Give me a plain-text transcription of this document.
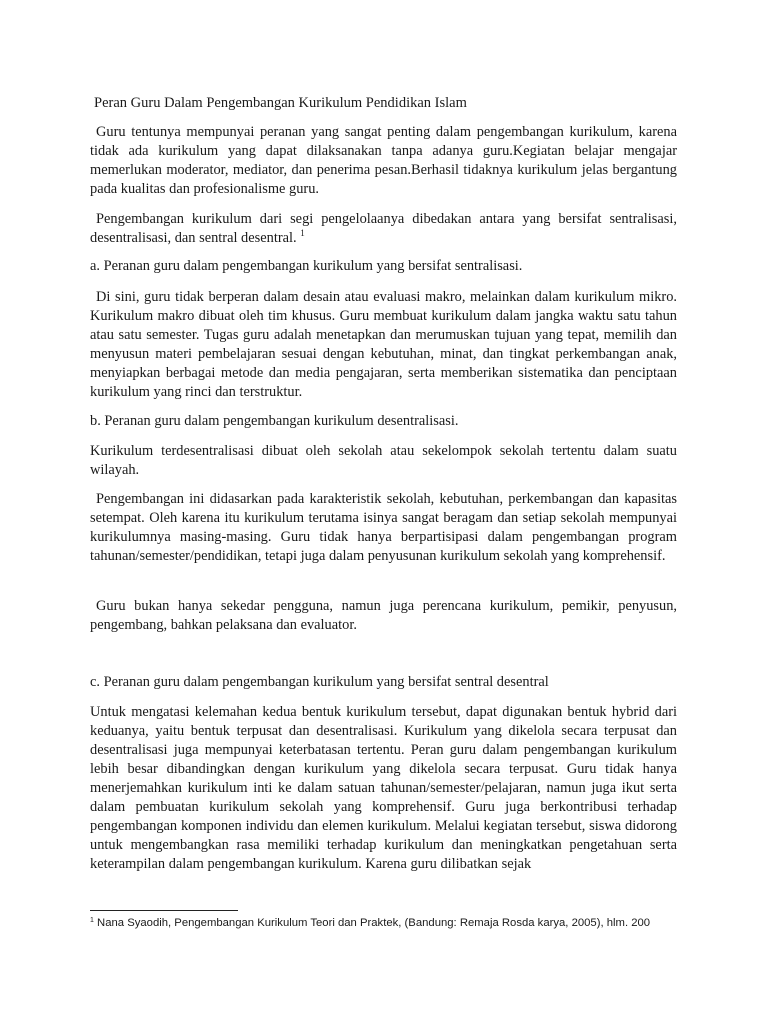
Peran Guru Dalam Pengembangan Kurikulum Pendidikan Islam

Guru tentunya mempunyai peranan yang sangat penting dalam pengembangan kurikulum, karena tidak ada kurikulum yang dapat dilaksanakan tanpa adanya guru.Kegiatan belajar mengajar memerlukan moderator, mediator, dan penerima pesan.Berhasil tidaknya kurikulum jelas bergantung pada kualitas dan profesionalisme guru.

Pengembangan kurikulum dari segi pengelolaanya dibedakan antara yang bersifat sentralisasi, desentralisasi, dan sentral desentral. $^1$

a. Peranan guru dalam pengembangan kurikulum yang bersifat sentralisasi.

Di sini, guru tidak berperan dalam desain atau evaluasi makro, melainkan dalam kurikulum mikro. Kurikulum makro dibuat oleh tim khusus. Guru membuat kurikulum dalam jangka waktu satu tahun atau satu semester. Tugas guru adalah menetapkan dan merumuskan tujuan yang tepat, memilih dan menyusun materi pembelajaran sesuai dengan kebutuhan, minat, dan tingkat perkembangan anak, menyiapkan berbagai metode dan media pengajaran, serta memberikan sistematika dan penciptaan kurikulum yang rinci dan terstruktur.

b. Peranan guru dalam pengembangan kurikulum desentralisasi.

Kurikulum terdesentralisasi dibuat oleh sekolah atau sekelompok sekolah tertentu dalam suatu wilayah.

Pengembangan ini didasarkan pada karakteristik sekolah, kebutuhan, perkembangan dan kapasitas setempat. Oleh karena itu kurikulum terutama isinya sangat beragam dan setiap sekolah mempunyai kurikulumnya masing-masing. Guru tidak hanya berpartisipasi dalam pengembangan program tahunan/semester/pendidikan, tetapi juga dalam penyusunan kurikulum sekolah yang komprehensif.

Guru bukan hanya sekedar pengguna, namun juga perencana kurikulum, pemikir, penyusun, pengembang, bahkan pelaksana dan evaluator.

c. Peranan guru dalam pengembangan kurikulum yang bersifat sentral desentral

Untuk mengatasi kelemahan kedua bentuk kurikulum tersebut, dapat digunakan bentuk hybrid dari keduanya, yaitu bentuk terpusat dan desentralisasi. Kurikulum yang dikelola secara terpusat dan desentralisasi juga mempunyai keterbatasan tertentu. Peran guru dalam pengembangan kurikulum lebih besar dibandingkan dengan kurikulum yang dikelola secara terpusat. Guru tidak hanya menerjemahkan kurikulum inti ke dalam satuan tahunan/semester/pelajaran, namun juga ikut serta dalam pembuatan kurikulum sekolah yang komprehensif. Guru juga berkontribusi terhadap pengembangan komponen individu dan elemen kurikulum. Melalui kegiatan tersebut, siswa didorong untuk mengembangkan rasa memiliki terhadap kurikulum dan meningkatkan pengetahuan serta keterampilan dalam pengembangan kurikulum. Karena guru dilibatkan sejak

$^1$ Nana Syaodih, Pengembangan Kurikulum Teori dan Praktek, (Bandung: Remaja Rosda karya, 2005), hlm. 200
